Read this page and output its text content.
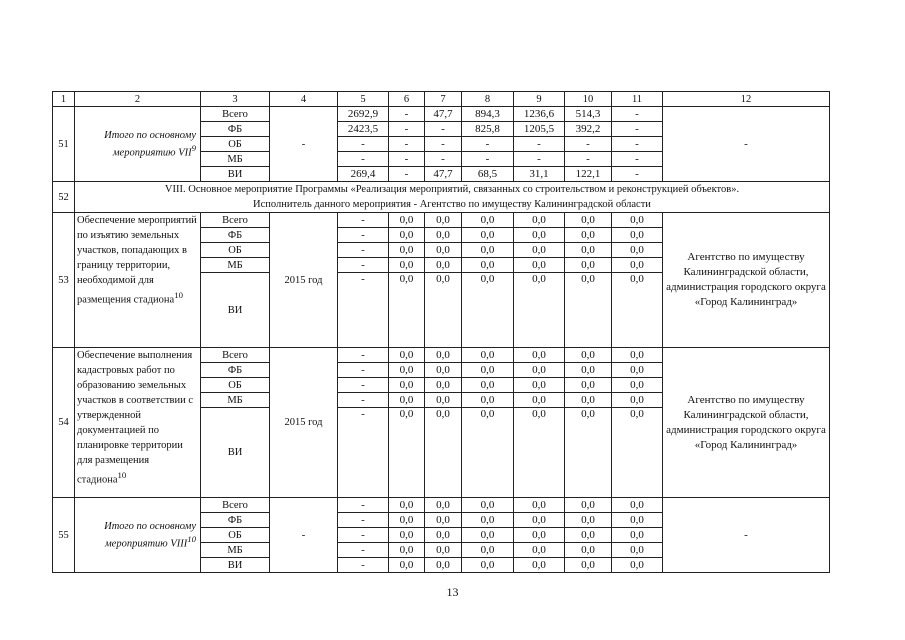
1	2	3	4	5	6	7	8	9	10	11	12
51	Итого по основному мероприятию VII$^9$	Всего	-	2692,9	-	47,7	894,3	1236,6	514,3	-	-
		ФБ		2423,5	-	-	825,8	1205,5	392,2	-	
		ОБ		-	-	-	-	-	-	-	
		МБ		-	-	-	-	-	-	-	
		ВИ		269,4	-	47,7	68,5	31,1	122,1	-	
52	VIII. Основное мероприятие Программы «Реализация мероприятий, связанных со строительством и реконструкцией объектов».
Исполнитель данного мероприятия - Агентство по имуществу Калининградской области										

53	Обеспечение мероприятий по изъятию земельных участков, попадающих в границу территории, необходимой для размещения стадиона$^{10}$	Всего	2015 год	-	0,0	0,0	0,0	0,0	0,0	0,0	Агентство по имуществу Калининградской области, администрация городского округа «Город Калининград»
		ФБ		-	0,0	0,0	0,0	0,0	0,0	0,0	
		ОБ		-	0,0	0,0	0,0	0,0	0,0	0,0	
		МБ		-	0,0	0,0	0,0	0,0	0,0	0,0	
		ВИ		-	0,0	0,0	0,0	0,0	0,0	0,0	
54	Обеспечение выполнения кадастровых работ по образованию земельных участков в соответствии с утвержденной документацией по планировке территории для размещения стадиона$^{10}$	Всего	2015 год	-	0,0	0,0	0,0	0,0	0,0	0,0	Агентство по имуществу Калининградской области, администрация городского округа «Город Калининград»
		ФБ		-	0,0	0,0	0,0	0,0	0,0	0,0	
		ОБ		-	0,0	0,0	0,0	0,0	0,0	0,0	
		МБ		-	0,0	0,0	0,0	0,0	0,0	0,0	
		ВИ		-	0,0	0,0	0,0	0,0	0,0	0,0	
55	Итого по основному мероприятию VIII$^{10}$	Всего	-	-	0,0	0,0	0,0	0,0	0,0	0,0	-
		ФБ		-	0,0	0,0	0,0	0,0	0,0	0,0	
		ОБ		-	0,0	0,0	0,0	0,0	0,0	0,0	
		МБ		-	0,0	0,0	0,0	0,0	0,0	0,0	
		ВИ		-	0,0	0,0	0,0	0,0	0,0	0,0	
13
